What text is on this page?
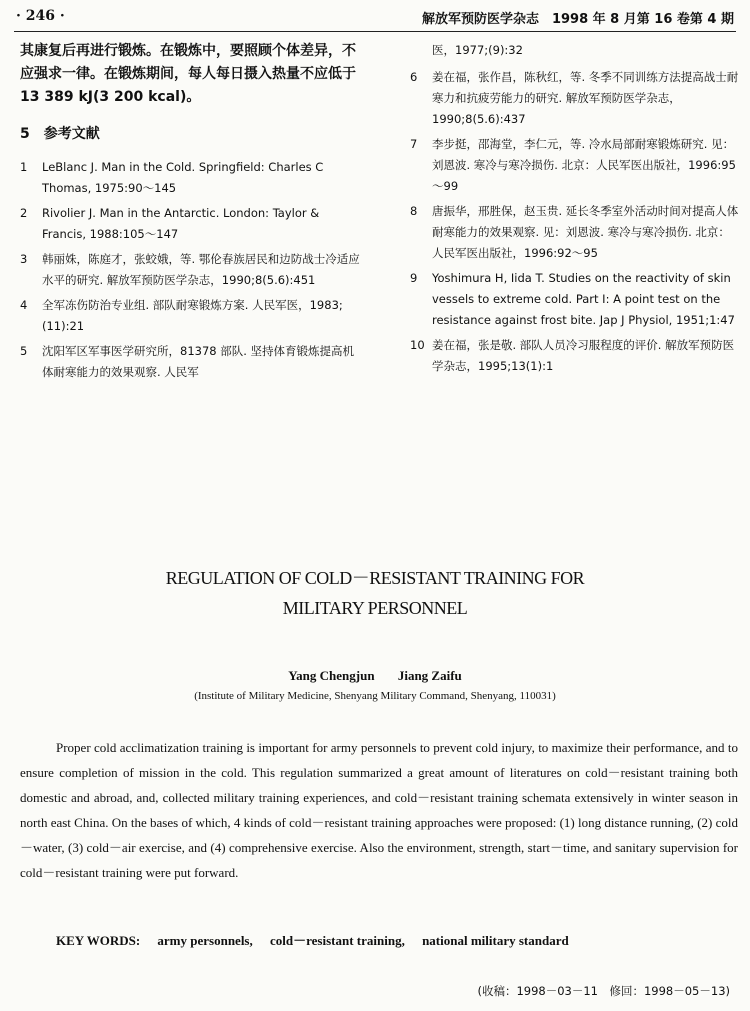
· 246 ·	解放军预防医学杂志　1998 年 8 月第 16 卷第 4 期
其康复后再进行锻炼。在锻炼中，要照顾个体差异，不应强求一律。在锻炼期间，每人每日摄入热量不应低于 13 389 kJ(3 200 kcal)。
5　参考文献
1	LeBlanc J. Man in the Cold. Springfield: Charles C Thomas, 1975:90～145
2	Rivolier J. Man in the Antarctic. London: Taylor & Francis, 1988:105～147
3	韩丽姝，陈庭才，张蛟娥，等. 鄂伦春族居民和边防战士冷适应水平的研究. 解放军预防医学杂志，1990;8(5.6):451
4	全军冻伤防治专业组. 部队耐寒锻炼方案. 人民军医，1983;(11):21
5	沈阳军区军事医学研究所，81378 部队. 坚持体育锻炼提高机体耐寒能力的效果观察. 人民军
医，1977;(9):32
6	姜在福，张作昌，陈秋红，等. 冬季不同训练方法提高战士耐寒力和抗疲劳能力的研究. 解放军预防医学杂志，1990;8(5.6):437
7	李步挺，邵海堂，李仁元，等. 冷水局部耐寒锻炼研究. 见：刘恩波. 寒冷与寒冷损伤. 北京：人民军医出版社，1996:95～99
8	唐振华，邢胜保，赵玉贵. 延长冬季室外活动时间对提高人体耐寒能力的效果观察. 见：刘恩波. 寒冷与寒冷损伤. 北京：人民军医出版社，1996:92～95
9	Yoshimura H, Iida T. Studies on the reactivity of skin vessels to extreme cold. Part I: A point test on the resistance against frost bite. Jap J Physiol, 1951;1:47
10 姜在福，张是敬. 部队人员冷习服程度的评价. 解放军预防医学杂志，1995;13(1):1
REGULATION OF COLD－RESISTANT TRAINING FOR
MILITARY PERSONNEL
Yang Chengjun Jiang Zaifu
(Institute of Military Medicine, Shenyang Military Command, Shenyang, 110031)
Proper cold acclimatization training is important for army personnels to prevent cold injury, to maximize their performance, and to ensure completion of mission in the cold. This regulation summarized a great amount of literatures on cold－resistant training both domestic and abroad, and, collected military training experiences, and cold－resistant training schemata extensively in winter season in north east China. On the bases of which, 4 kinds of cold－resistant training approaches were proposed: (1) long distance running, (2) cold－water, (3) cold－air exercise, and (4) comprehensive exercise. Also the environment, strength, start－time, and sanitary supervision for cold－resistant training were put forward.
KEY WORDS: army personnels, cold－resistant training, national military standard
(收稿：1998－03－11　修回：1998－05－13)
